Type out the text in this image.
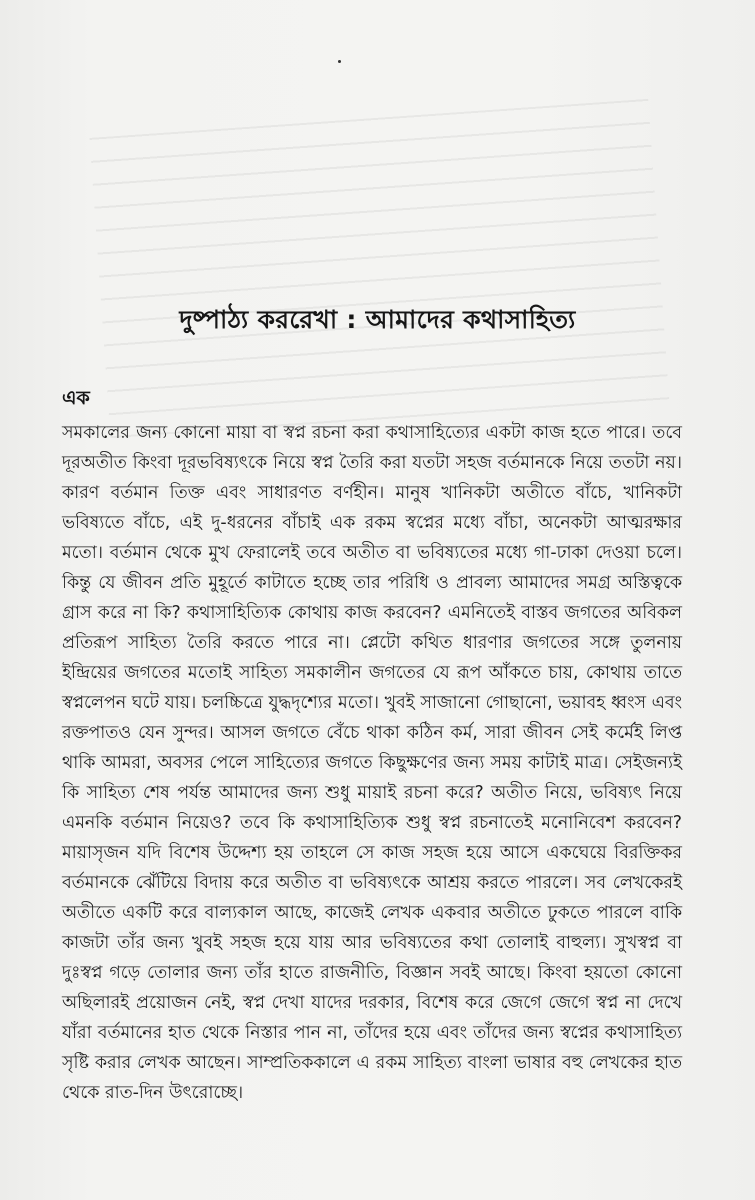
দুষ্পাঠ্য কররেখা : আমাদের কথাসাহিত্য
এক
সমকালের জন্য কোনো মায়া বা স্বপ্ন রচনা করা কথাসাহিত্যের একটা কাজ হতে পারে। তবে দূরঅতীত কিংবা দূরভবিষ্যৎকে নিয়ে স্বপ্ন তৈরি করা যতটা সহজ বর্তমানকে নিয়ে ততটা নয়। কারণ বর্তমান তিক্ত এবং সাধারণত বর্ণহীন। মানুষ খানিকটা অতীতে বাঁচে, খানিকটা ভবিষ্যতে বাঁচে, এই দু-ধরনের বাঁচাই এক রকম স্বপ্নের মধ্যে বাঁচা, অনেকটা আত্মরক্ষার মতো। বর্তমান থেকে মুখ ফেরালেই তবে অতীত বা ভবিষ্যতের মধ্যে গা-ঢাকা দেওয়া চলে। কিন্তু যে জীবন প্রতি মুহূর্তে কাটাতে হচ্ছে তার পরিধি ও প্রাবল্য আমাদের সমগ্র অস্তিত্বকে গ্রাস করে না কি? কথাসাহিত্যিক কোথায় কাজ করবেন? এমনিতেই বাস্তব জগতের অবিকল প্রতিরূপ সাহিত্য তৈরি করতে পারে না। প্লেটো কথিত ধারণার জগতের সঙ্গে তুলনায় ইন্দ্রিয়ের জগতের মতোই সাহিত্য সমকালীন জগতের যে রূপ আঁকতে চায়, কোথায় তাতে স্বপ্নলেপন ঘটে যায়। চলচ্চিত্রে যুদ্ধদৃশ্যের মতো। খুবই সাজানো গোছানো, ভয়াবহ ধ্বংস এবং রক্তপাতও যেন সুন্দর। আসল জগতে বেঁচে থাকা কঠিন কর্ম, সারা জীবন সেই কর্মেই লিপ্ত থাকি আমরা, অবসর পেলে সাহিত্যের জগতে কিছুক্ষণের জন্য সময় কাটাই মাত্র। সেইজন্যই কি সাহিত্য শেষ পর্যন্ত আমাদের জন্য শুধু মায়াই রচনা করে? অতীত নিয়ে, ভবিষ্যৎ নিয়ে এমনকি বর্তমান নিয়েও? তবে কি কথাসাহিত্যিক শুধু স্বপ্ন রচনাতেই মনোনিবেশ করবেন? মায়াসৃজন যদি বিশেষ উদ্দেশ্য হয় তাহলে সে কাজ সহজ হয়ে আসে একঘেয়ে বিরক্তিকর বর্তমানকে ঝেঁটিয়ে বিদায় করে অতীত বা ভবিষ্যৎকে আশ্রয় করতে পারলে। সব লেখকেরই অতীতে একটি করে বাল্যকাল আছে, কাজেই লেখক একবার অতীতে ঢুকতে পারলে বাকি কাজটা তাঁর জন্য খুবই সহজ হয়ে যায় আর ভবিষ্যতের কথা তোলাই বাহুল্য। সুখস্বপ্ন বা দুঃস্বপ্ন গড়ে তোলার জন্য তাঁর হাতে রাজনীতি, বিজ্ঞান সবই আছে। কিংবা হয়তো কোনো অছিলারই প্রয়োজন নেই, স্বপ্ন দেখা যাদের দরকার, বিশেষ করে জেগে জেগে স্বপ্ন না দেখে যাঁরা বর্তমানের হাত থেকে নিস্তার পান না, তাঁদের হয়ে এবং তাঁদের জন্য স্বপ্নের কথাসাহিত্য সৃষ্টি করার লেখক আছেন। সাম্প্রতিককালে এ রকম সাহিত্য বাংলা ভাষার বহু লেখকের হাত থেকে রাত-দিন উৎরোচ্ছে।
